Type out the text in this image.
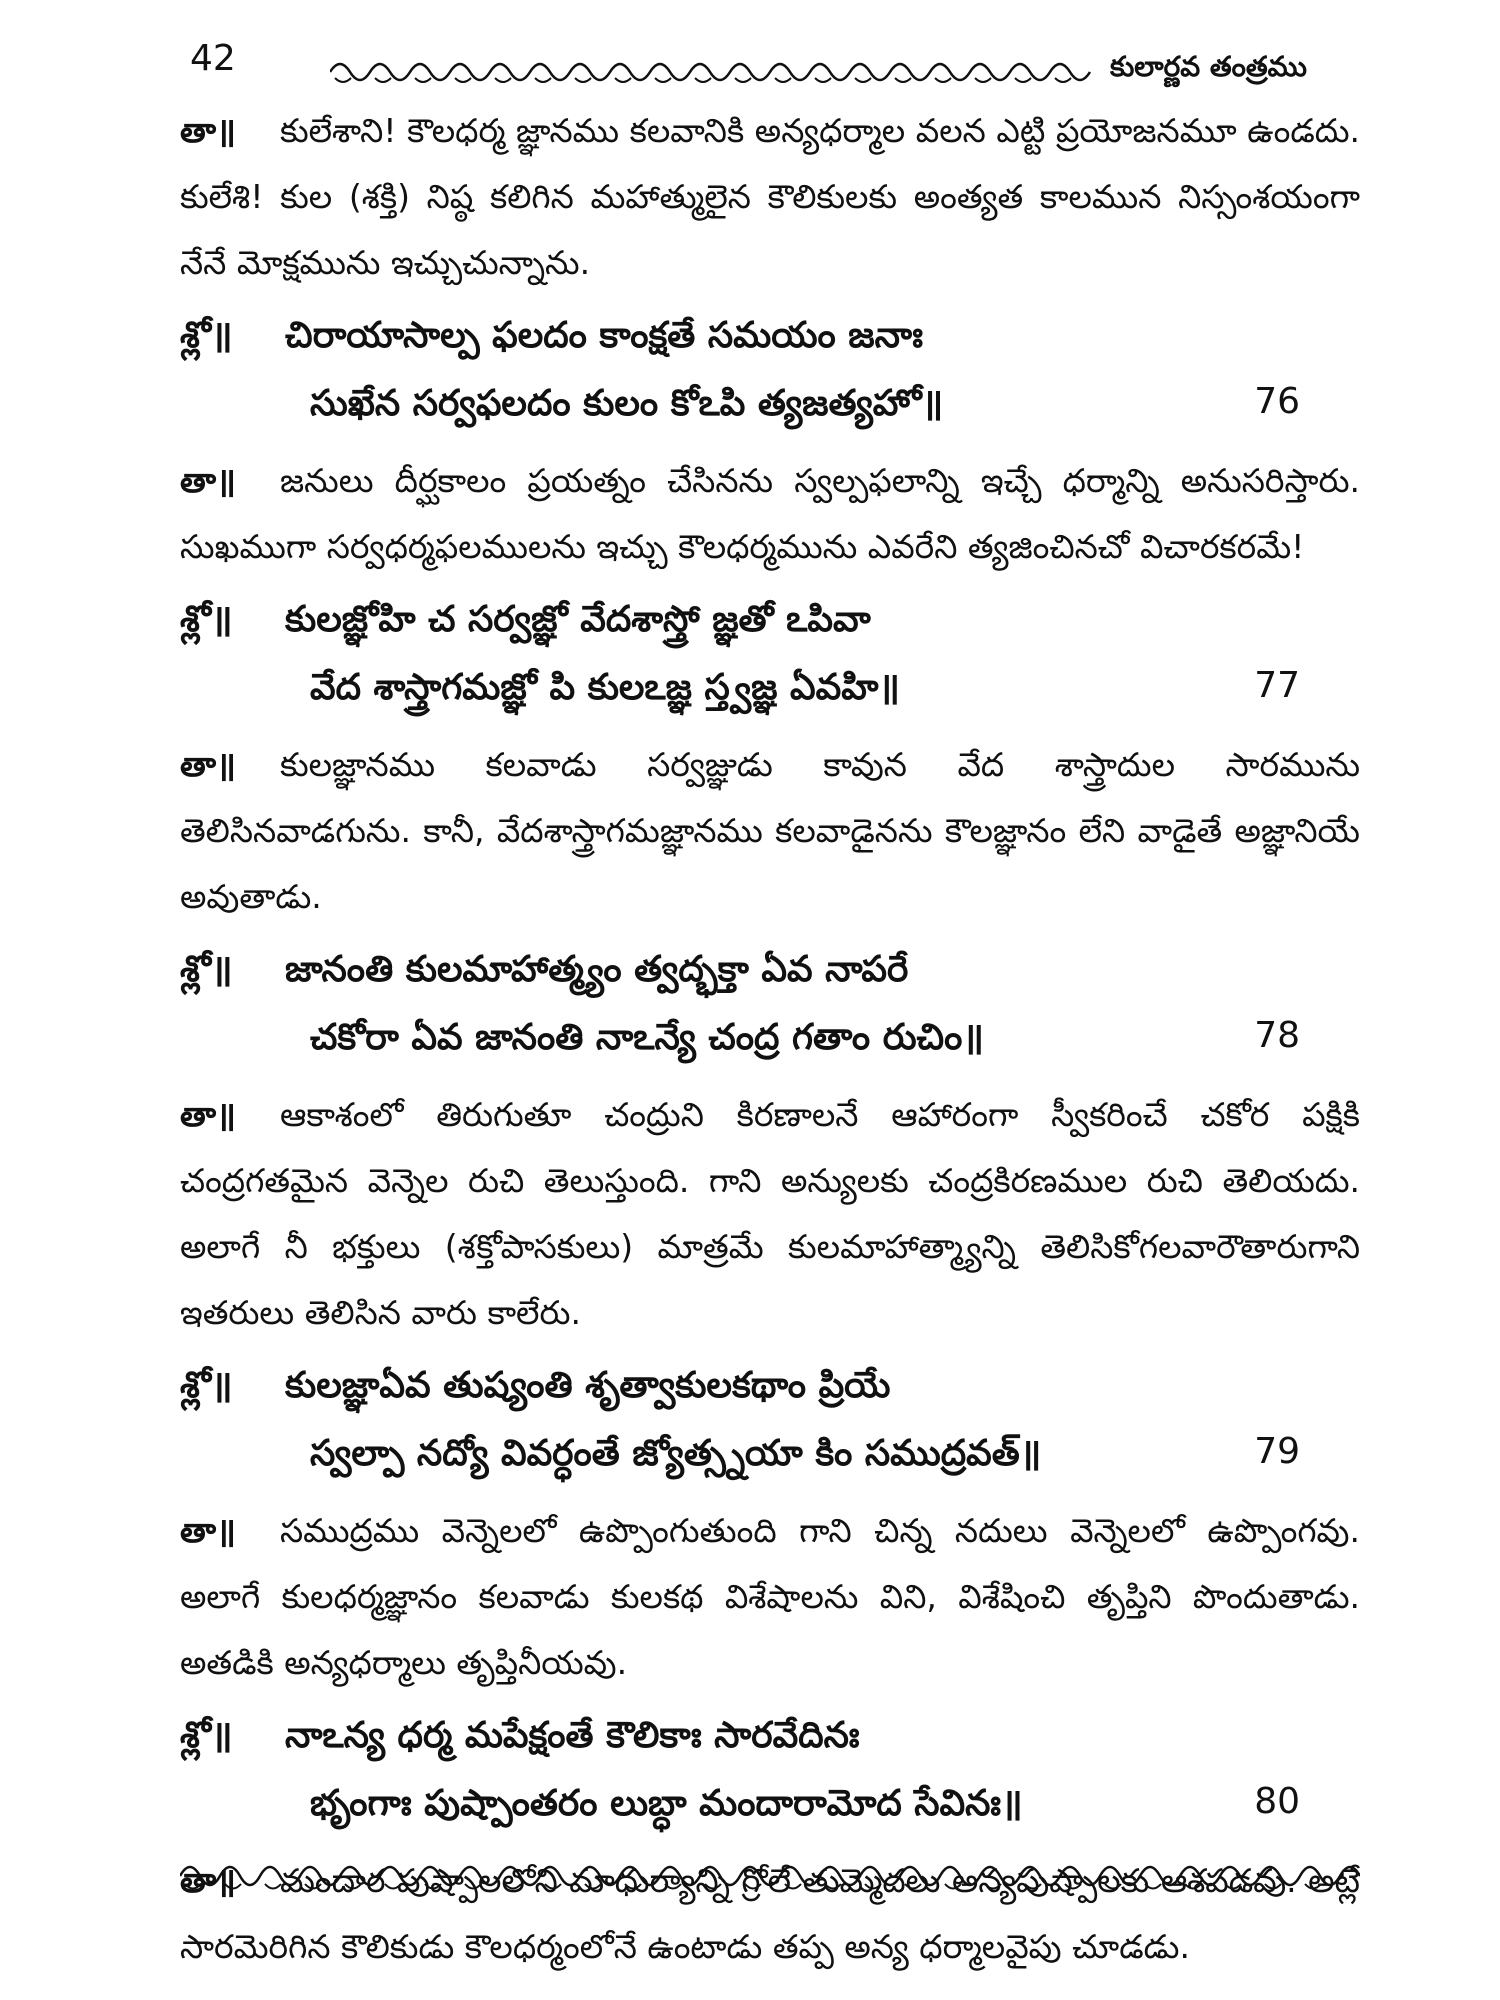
42	కులార్ణవ తంత్రము
తా॥ కులేశాని! కౌలధర్మ జ్ఞానము కలవానికి అన్యధర్మాల వలన ఎట్టి ప్రయోజనమూ ఉండదు. కులేశి! కుల (శక్తి) నిష్ఠ కలిగిన మహాత్ములైన కౌలికులకు అంత్యత కాలమున నిస్సంశయంగా నేనే మోక్షమును ఇచ్చుచున్నాను.
శ్లో॥ చిరాయాసాల్ప ఫలదం కాంక్షతే సమయం జనాః
సుఖేన సర్వఫలదం కులం కోఽపి త్యజత్యహో॥	76
తా॥ జనులు దీర్ఘకాలం ప్రయత్నం చేసినను స్వల్పఫలాన్ని ఇచ్చే ధర్మాన్ని అనుసరిస్తారు. సుఖముగా సర్వధర్మఫలములను ఇచ్చు కౌలధర్మమును ఎవరేని త్యజించినచో విచారకరమే!
శ్లో॥ కులజ్ఞోహి చ సర్వజ్ఞో వేదశాస్త్రో జ్ఞతో ఽపివా
వేద శాస్త్రాగమజ్ఞో పి కులఽజ్ఞ స్త్వజ్ఞ ఏవహి॥	77
తా॥ కులజ్ఞానము కలవాడు సర్వజ్ఞుడు కావున వేద శాస్త్రాదుల సారమును తెలిసినవాడగును. కానీ, వేదశాస్త్రాగమజ్ఞానము కలవాడైనను కౌలజ్ఞానం లేని వాడైతే అజ్ఞానియే అవుతాడు.
శ్లో॥ జానంతి కులమాహాత్మ్యం త్వద్భక్తా ఏవ నాపరే
చకోరా ఏవ జానంతి నాఽన్యే చంద్ర గతాం రుచిం॥	78
తా॥ ఆకాశంలో తిరుగుతూ చంద్రుని కిరణాలనే ఆహారంగా స్వీకరించే చకోర పక్షికి చంద్రగతమైన వెన్నెల రుచి తెలుస్తుంది. గాని అన్యులకు చంద్రకిరణముల రుచి తెలియదు. అలాగే నీ భక్తులు (శక్తోపాసకులు) మాత్రమే కులమాహాత్మ్యాన్ని తెలిసికోగలవారౌతారుగాని ఇతరులు తెలిసిన వారు కాలేరు.
శ్లో॥ కులజ్ఞాఏవ తుష్యంతి శృత్వాకులకథాం ప్రియే
స్వల్పా నద్యో వివర్ధంతే జ్యోత్స్నయా కిం సముద్రవత్॥	79
తా॥ సముద్రము వెన్నెలలో ఉప్పొంగుతుంది గాని చిన్న నదులు వెన్నెలలో ఉప్పొంగవు. అలాగే కులధర్మజ్ఞానం కలవాడు కులకథ విశేషాలను విని, విశేషించి తృప్తిని పొందుతాడు. అతడికి అన్యధర్మాలు తృప్తినీయవు.
శ్లో॥ నాఽన్య ధర్మ మపేక్షంతే కౌలికాః సారవేదినః
భృంగాః పుష్పాంతరం లుబ్ధా మందారామోద సేవినః॥	80
తా॥ మందార పుష్పాలలోని మాధుర్యాన్ని గ్రోలే తుమ్మెదలు అన్యపుష్పాలకు ఆశపడవు. అట్లే సారమెరిగిన కౌలికుడు కౌలధర్మంలోనే ఉంటాడు తప్ప అన్య ధర్మాలవైపు చూడడు.
